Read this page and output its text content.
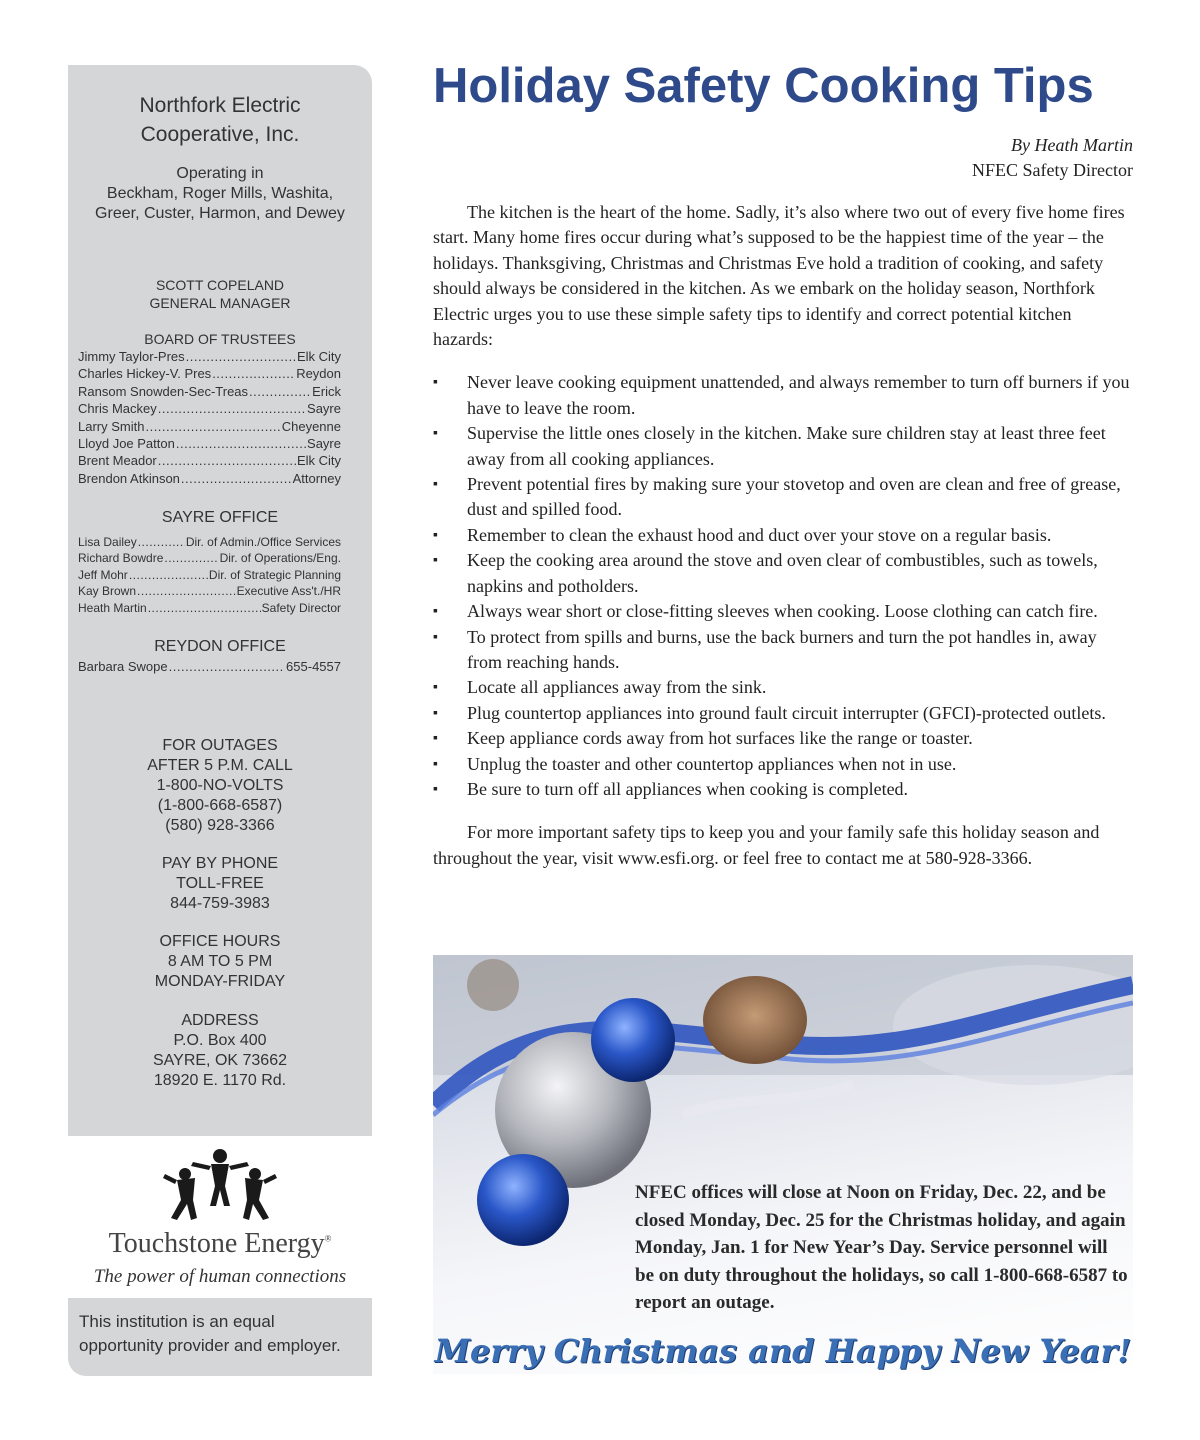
Northfork Electric
Cooperative, Inc.
Operating in
Beckham, Roger Mills, Washita,
Greer, Custer, Harmon, and Dewey
SCOTT COPELAND
GENERAL MANAGER
BOARD OF TRUSTEES
Jimmy Taylor-Pres .....	Elk City
Charles Hickey-V. Pres .....	Reydon
Ransom Snowden-Sec-Treas .....	Erick
Chris Mackey .....	Sayre
Larry Smith .....	Cheyenne
Lloyd Joe Patton .....	Sayre
Brent Meador .....	Elk City
Brendon Atkinson .....	Attorney
SAYRE OFFICE
Lisa Dailey .....	Dir. of Admin./Office Services
Richard Bowdre .....	Dir. of Operations/Eng.
Jeff Mohr .....	Dir. of Strategic Planning
Kay Brown .....	Executive Ass't./HR
Heath Martin .....	Safety Director
REYDON OFFICE
Barbara Swope .....	655-4557
FOR OUTAGES
AFTER 5 P.M. CALL
1-800-NO-VOLTS
(1-800-668-6587)
(580) 928-3366
PAY BY PHONE
TOLL-FREE
844-759-3983
OFFICE HOURS
8 AM TO 5 PM
MONDAY-FRIDAY
ADDRESS
P.O. Box 400
SAYRE, OK 73662
18920 E. 1170 Rd.
Touchstone Energy®
The power of human connections
This institution is an equal opportunity provider and employer.
Holiday Safety Cooking Tips
By Heath Martin
NFEC Safety Director

The kitchen is the heart of the home. Sadly, it’s also where two out of every five home fires start. Many home fires occur during what’s supposed to be the happiest time of the year – the holidays. Thanksgiving, Christmas and Christmas Eve hold a tradition of cooking, and safety should always be considered in the kitchen. As we embark on the holiday season, Northfork Electric urges you to use these simple safety tips to identify and correct potential kitchen hazards:

▪ Never leave cooking equipment unattended, and always remember to turn off burners if you have to leave the room.
▪ Supervise the little ones closely in the kitchen. Make sure children stay at least three feet away from all cooking appliances.
▪ Prevent potential fires by making sure your stovetop and oven are clean and free of grease, dust and spilled food.
▪ Remember to clean the exhaust hood and duct over your stove on a regular basis.
▪ Keep the cooking area around the stove and oven clear of combustibles, such as towels, napkins and potholders.
▪ Always wear short or close-fitting sleeves when cooking. Loose clothing can catch fire.
▪ To protect from spills and burns, use the back burners and turn the pot handles in, away from reaching hands.
▪ Locate all appliances away from the sink.
▪ Plug countertop appliances into ground fault circuit interrupter (GFCI)-protected outlets.
▪ Keep appliance cords away from hot surfaces like the range or toaster.
▪ Unplug the toaster and other countertop appliances when not in use.
▪ Be sure to turn off all appliances when cooking is completed.

For more important safety tips to keep you and your family safe this holiday season and throughout the year, visit www.esfi.org. or feel free to contact me at 580-928-3366.

NFEC offices will close at Noon on Friday, Dec. 22, and be closed Monday, Dec. 25 for the Christmas holiday, and again Monday, Jan. 1 for New Year’s Day. Service personnel will be on duty throughout the holidays, so call 1-800-668-6587 to report an outage.

Merry Christmas and Happy New Year!
